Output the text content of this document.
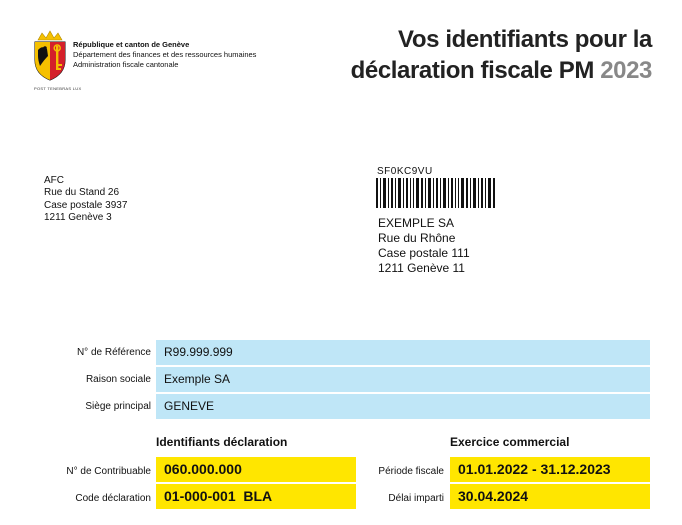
République et canton de Genève
Département des finances et des ressources humaines
Administration fiscale cantonale
POST TENEBRAS LUX
Vos identifiants pour la
déclaration fiscale PM 2023
AFC
Rue du Stand 26
Case postale 3937
1211 Genève 3
SF0KC9VU
EXEMPLE SA
Rue du Rhône
Case postale 111
1211 Genève 11
N° de Référence	R99.999.999
Raison sociale	Exemple SA
Siège principal	GENEVE
Identifiants déclaration	Exercice commercial
N° de Contribuable 060.000.000
Code déclaration 01-000-001  BLA
Période fiscale	01.01.2022 - 31.12.2023
Délai imparti	30.04.2024
